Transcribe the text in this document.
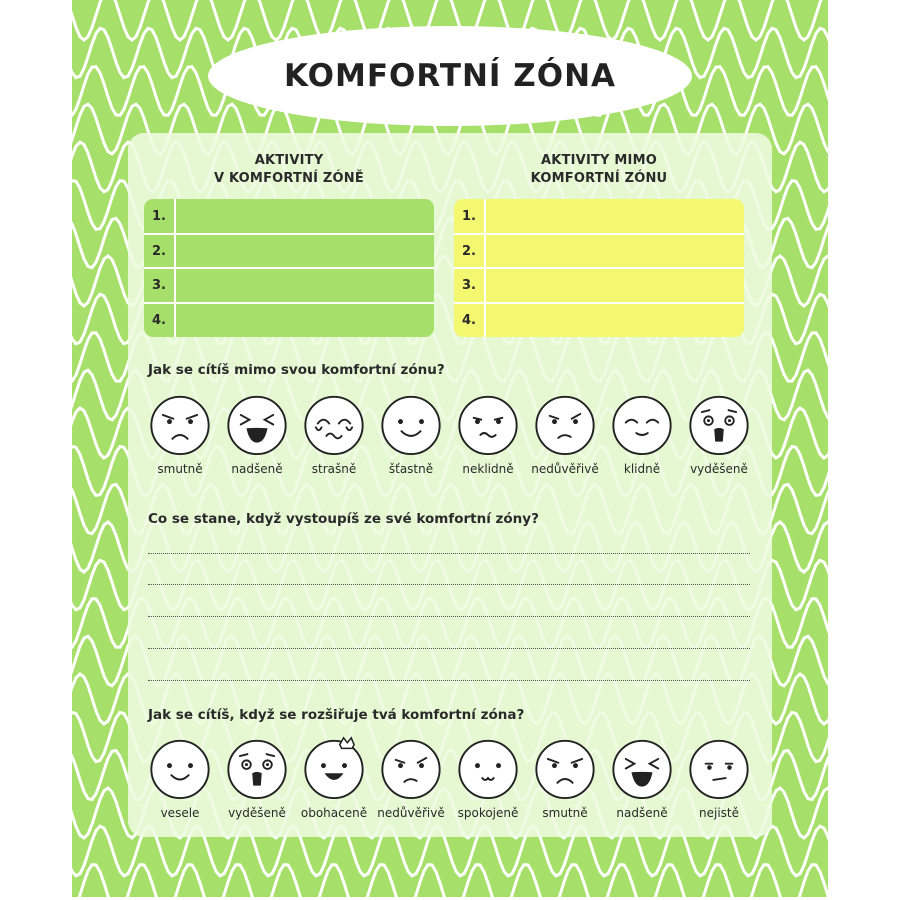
KOMFORTNÍ ZÓNA
AKTIVITY
V KOMFORTNÍ ZÓNĚ
AKTIVITY MIMO
KOMFORTNÍ ZÓNU
1.
2.
3.
4.
1.
2.
3.
4.
Jak se cítíš mimo svou komfortní zónu?
smutně	nadšeně	strašně	šťastně	neklidně	nedůvěřivě	klidně	vyděšeně
Co se stane, když vystoupíš ze své komfortní zóny?
Jak se cítíš, když se rozšiřuje tvá komfortní zóna?
vesele	vyděšeně	obohaceně nedůvěřivě	spokojeně	smutně	nadšeně	nejistě
